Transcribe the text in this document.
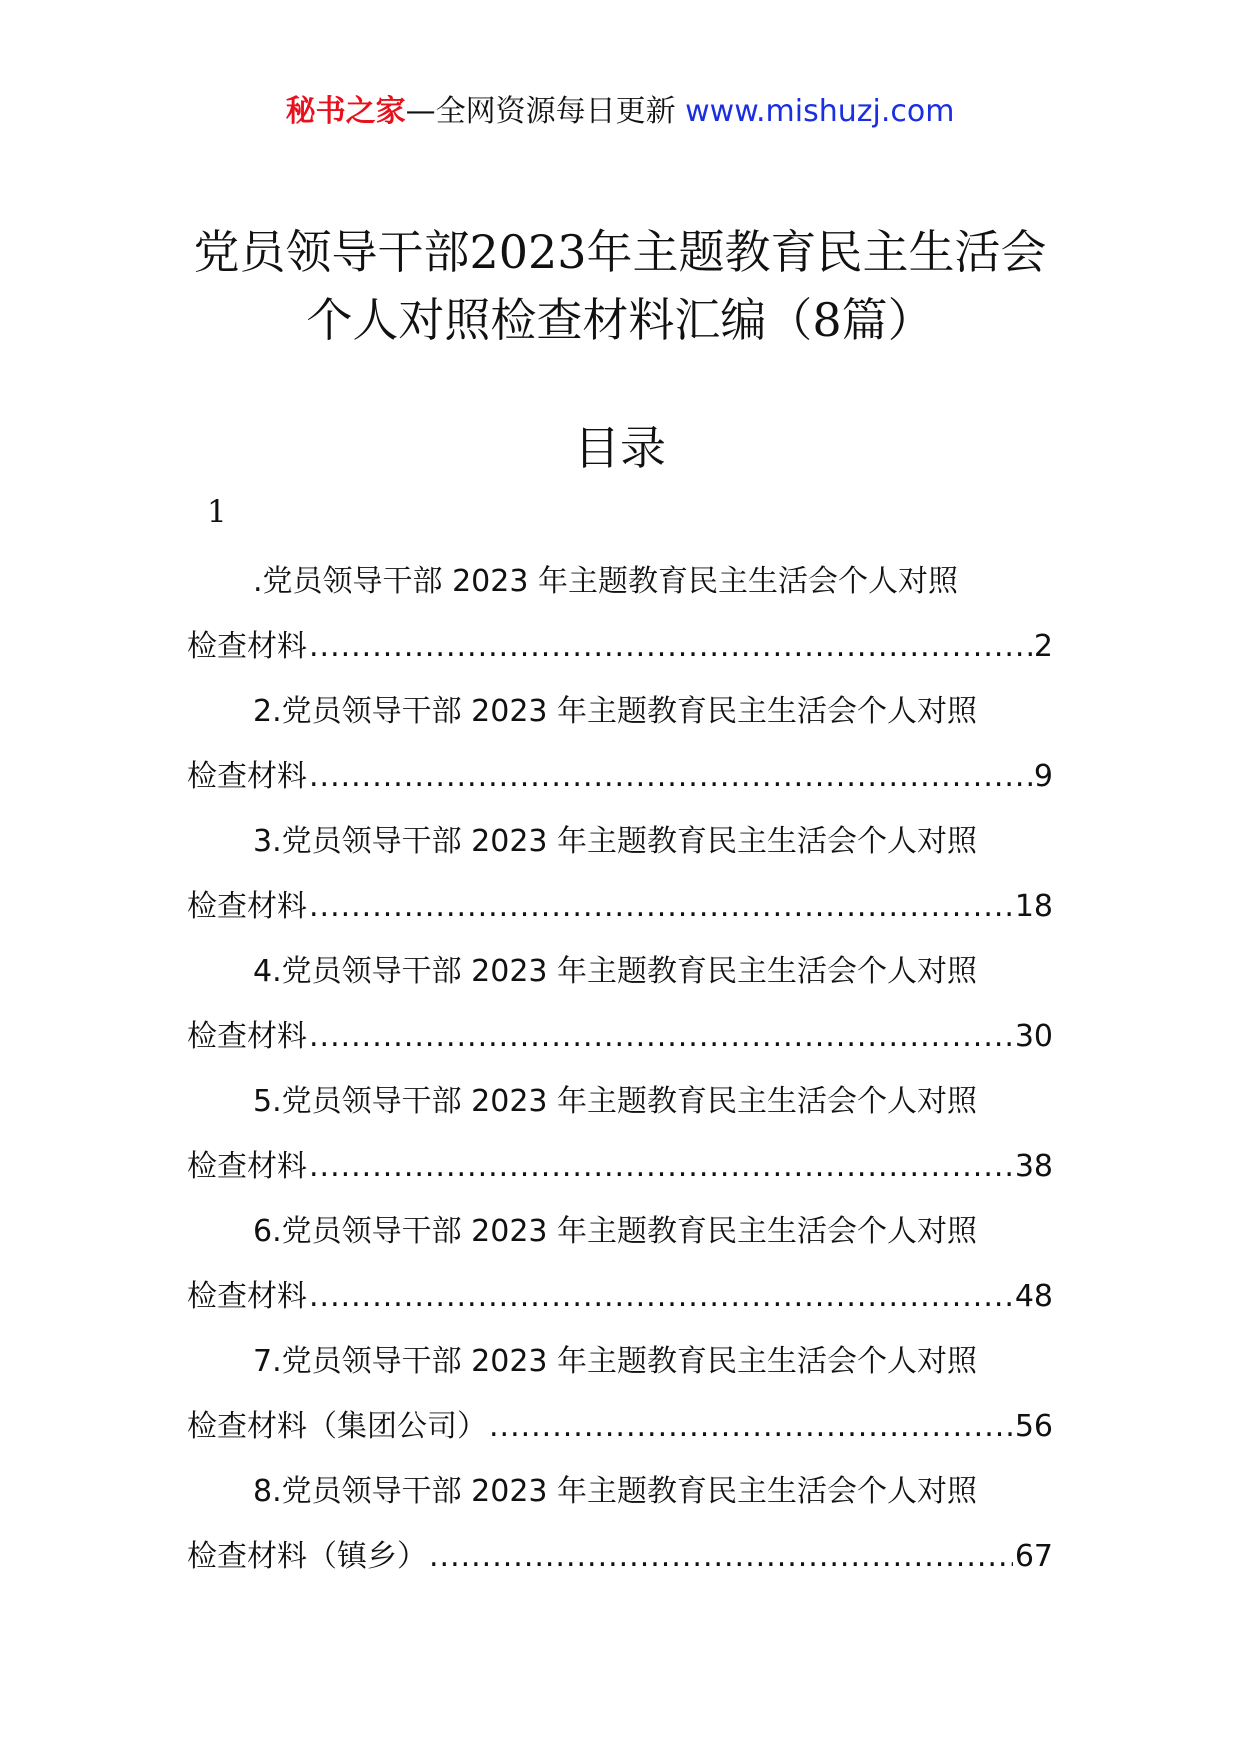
秘书之家—全网资源每日更新 www.mishuzj.com
党员领导干部2023年主题教育民主生活会
个人对照检查材料汇编（8篇）
目录
1
.党员领导干部 2023 年主题教育民主生活会个人对照
检查材料 .....	2
2.党员领导干部 2023 年主题教育民主生活会个人对照
检查材料 .....	9
3.党员领导干部 2023 年主题教育民主生活会个人对照
检查材料 .....	18
4.党员领导干部 2023 年主题教育民主生活会个人对照
检查材料 .....	30
5.党员领导干部 2023 年主题教育民主生活会个人对照
检查材料 .....	38
6.党员领导干部 2023 年主题教育民主生活会个人对照
检查材料 .....	48
7.党员领导干部 2023 年主题教育民主生活会个人对照
检查材料（集团公司） .....	56
8.党员领导干部 2023 年主题教育民主生活会个人对照
检查材料（镇乡） .....	67
